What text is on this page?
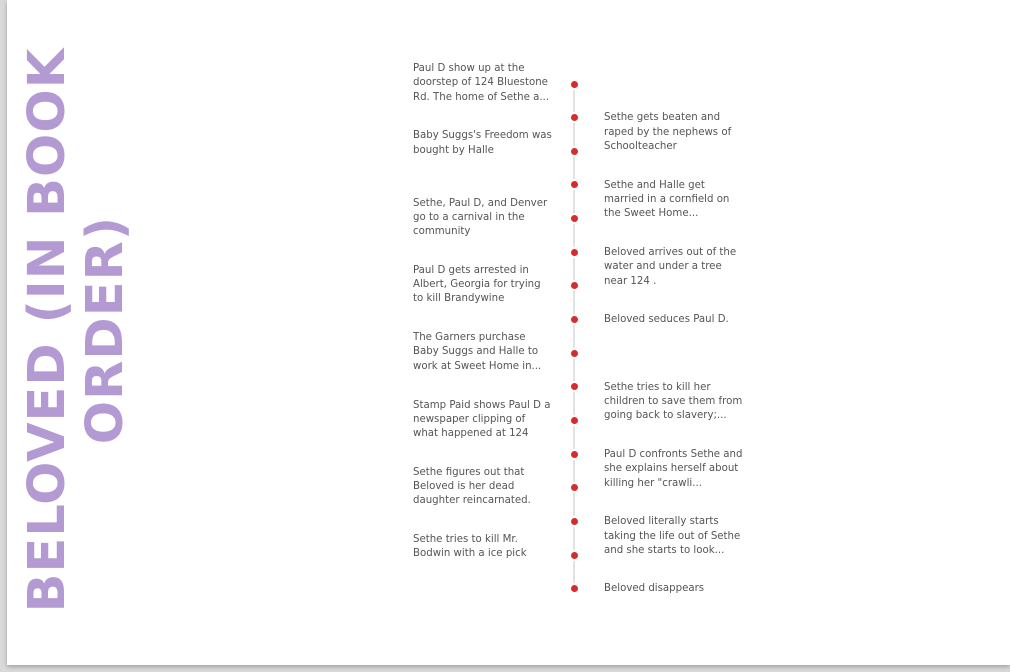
BELOVED (IN BOOK ORDER)
Paul D show up at the doorstep of 124 Bluestone Rd. The home of Sethe a...
Sethe gets beaten and raped by the nephews of Schoolteacher
Baby Suggs's Freedom was bought by Halle
Sethe and Halle get married in a cornfield on the Sweet Home...
Sethe, Paul D, and Denver go to a carnival in the community
Beloved arrives out of the water and under a tree near 124 .
Paul D gets arrested in Albert, Georgia for trying to kill Brandywine
Beloved seduces Paul D.
The Garners purchase Baby Suggs and Halle to work at Sweet Home in...
Sethe tries to kill her children to save them from going back to slavery;...
Stamp Paid shows Paul D a newspaper clipping of what happened at 124
Paul D confronts Sethe and she explains herself about killing her "crawli...
Sethe figures out that Beloved is her dead daughter reincarnated.
Beloved literally starts taking the life out of Sethe and she starts to look...
Sethe tries to kill Mr. Bodwin with a ice pick
Beloved disappears
